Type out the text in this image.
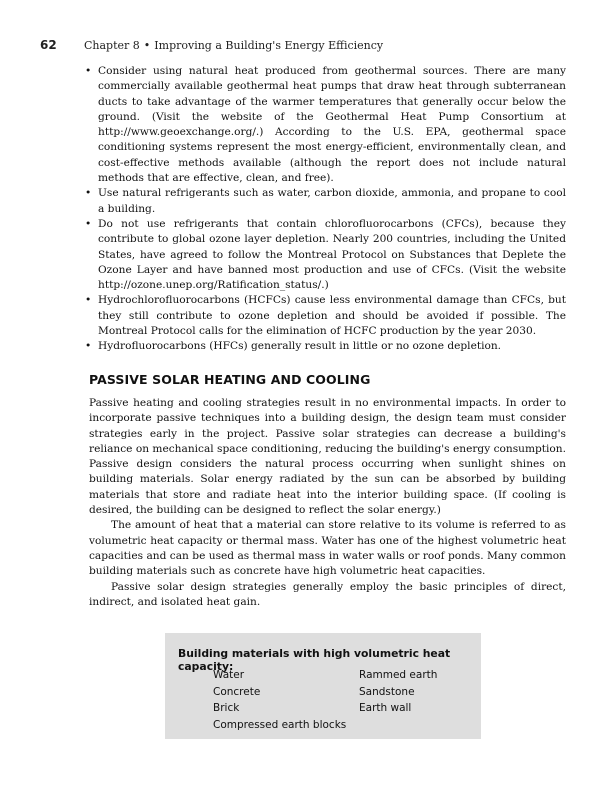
62 Chapter 8 • Improving a Building's Energy Efficiency
• Consider using natural heat produced from geothermal sources. There are many commercially available geothermal heat pumps that draw heat through subterranean ducts to take advantage of the warmer temperatures that generally occur below the ground. (Visit the website of the Geothermal Heat Pump Consortium at http://www.geoexchange.org/.) According to the U.S. EPA, geothermal space conditioning systems represent the most energy-efficient, environmentally clean, and cost-effective methods available (although the report does not include natural methods that are effective, clean, and free).
• Use natural refrigerants such as water, carbon dioxide, ammonia, and propane to cool a building.
• Do not use refrigerants that contain chlorofluorocarbons (CFCs), because they contribute to global ozone layer depletion. Nearly 200 countries, including the United States, have agreed to follow the Montreal Protocol on Substances that Deplete the Ozone Layer and have banned most production and use of CFCs. (Visit the website http://ozone.unep.org/Ratification_status/.)
• Hydrochlorofluorocarbons (HCFCs) cause less environmental damage than CFCs, but they still contribute to ozone depletion and should be avoided if possible. The Montreal Protocol calls for the elimination of HCFC production by the year 2030.
• Hydrofluorocarbons (HFCs) generally result in little or no ozone depletion.
PASSIVE SOLAR HEATING AND COOLING

Passive heating and cooling strategies result in no environmental impacts. In order to incorporate passive techniques into a building design, the design team must consider strategies early in the project. Passive solar strategies can decrease a building's reliance on mechanical space conditioning, reducing the building's energy consumption. Passive design considers the natural process occurring when sunlight shines on building materials. Solar energy radiated by the sun can be absorbed by building materials that store and radiate heat into the interior building space. (If cooling is desired, the building can be designed to reflect the solar energy.)

The amount of heat that a material can store relative to its volume is referred to as volumetric heat capacity or thermal mass. Water has one of the highest volumetric heat capacities and can be used as thermal mass in water walls or roof ponds. Many common building materials such as concrete have high volumetric heat capacities.

Passive solar design strategies generally employ the basic principles of direct, indirect, and isolated heat gain.

Building materials with high volumetric heat capacity:
Water
Concrete
Brick
Compressed earth blocks
Rammed earth
Sandstone
Earth wall
